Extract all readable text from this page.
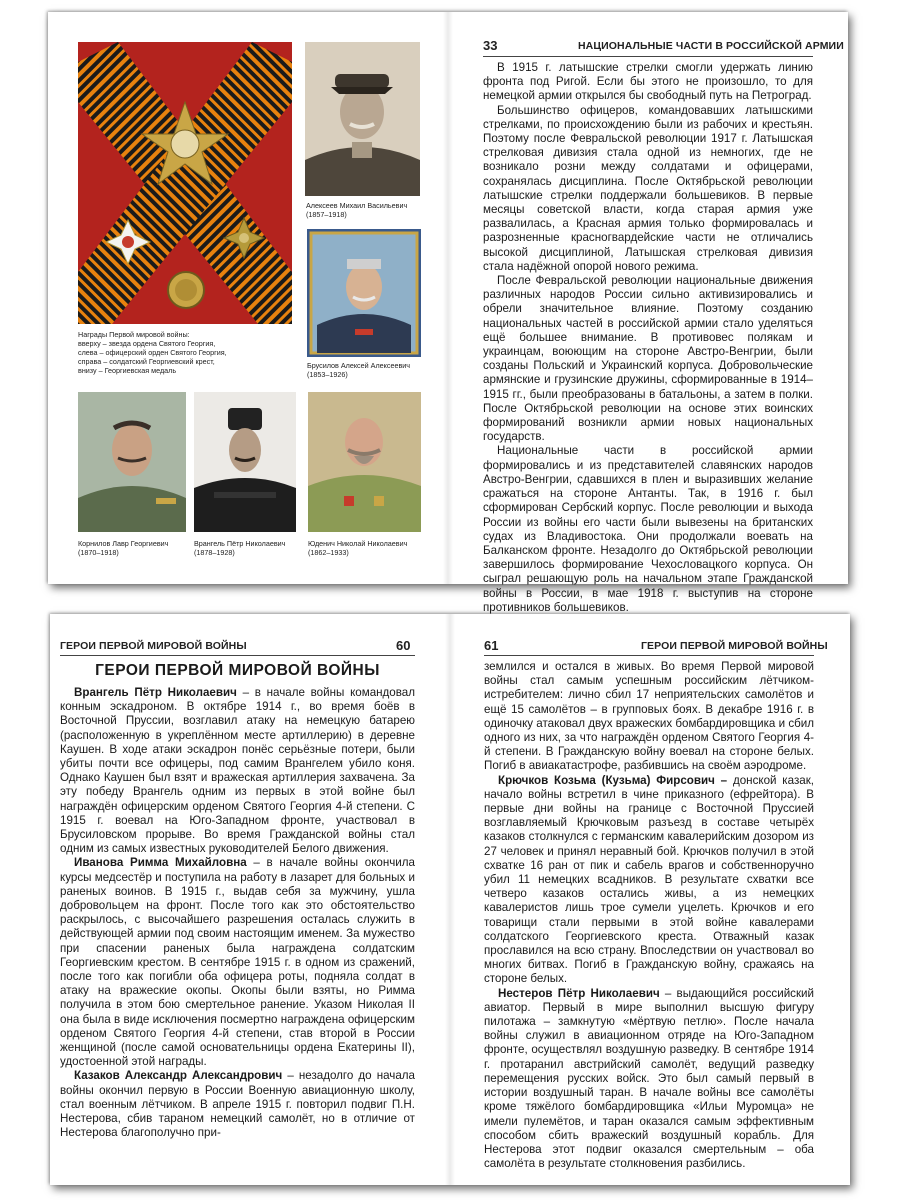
Награды Первой мировой войны:
вверху – звезда ордена Святого Георгия,
слева – офицерский орден Святого Георгия,
справа – солдатский Георгиевский крест,
внизу – Георгиевская медаль
Алексеев Михаил Васильевич
(1857–1918)
Брусилов Алексей Алексеевич
(1853–1926)
Корнилов Лавр Георгиевич
(1870–1918)
Врангель Пётр Николаевич
(1878–1928)
Юденич Николай Николаевич
(1862–1933)
33	НАЦИОНАЛЬНЫЕ ЧАСТИ В РОССИЙСКОЙ АРМИИ

В 1915 г. латышские стрелки смогли удержать линию фронта под Ригой. Если бы этого не произошло, то для немецкой армии открылся бы свободный путь на Петроград.

Большинство офицеров, командовавших латышскими стрелками, по происхождению были из рабочих и крестьян. Поэтому после Февральской революции 1917 г. Латышская стрелковая дивизия стала одной из немногих, где не возникало розни между солдатами и офицерами, сохранялась дисциплина. После Октябрьской революции латышские стрелки поддержали большевиков. В первые месяцы советской власти, когда старая армия уже развалилась, а Красная армия только формировалась и разрозненные красногвардейские части не отличались высокой дисциплиной, Латышская стрелковая дивизия стала надёжной опорой нового режима.

После Февральской революции национальные движения различных народов России сильно активизировались и обрели значительное влияние. Поэтому созданию национальных частей в российской армии стало уделяться ещё большее внимание. В противовес полякам и украинцам, воюющим на стороне Австро-Венгрии, были созданы Польский и Украинский корпуса. Добровольческие армянские и грузинские дружины, сформированные в 1914–1915 гг., были преобразованы в батальоны, а затем в полки. После Октябрьской революции на основе этих воинских формирований возникли армии новых национальных государств.

Национальные части в российской армии формировались и из представителей славянских народов Австро-Венгрии, сдавшихся в плен и выразивших желание сражаться на стороне Антанты. Так, в 1916 г. был сформирован Сербский корпус. После революции и выхода России из войны его части были вывезены на британских судах из Владивостока. Они продолжали воевать на Балканском фронте. Незадолго до Октябрьской революции завершилось формирование Чехословацкого корпуса. Он сыграл решающую роль на начальном этапе Гражданской войны в России, в мае 1918 г. выступив на стороне противников большевиков.

ГЕРОИ ПЕРВОЙ МИРОВОЙ ВОЙНЫ	60
ГЕРОИ ПЕРВОЙ МИРОВОЙ ВОЙНЫ

Врангель Пётр Николаевич – в начале войны командовал конным эскадроном. В октябре 1914 г., во время боёв в Восточной Пруссии, возглавил атаку на немецкую батарею (расположенную в укреплённом месте артиллерию) в деревне Каушен. В ходе атаки эскадрон понёс серьёзные потери, были убиты почти все офицеры, под самим Врангелем убило коня. Однако Каушен был взят и вражеская артиллерия захвачена. За эту победу Врангель одним из первых в этой войне был награждён офицерским орденом Святого Георгия 4-й степени. С 1915 г. воевал на Юго-Западном фронте, участвовал в Брусиловском прорыве. Во время Гражданской войны стал одним из самых известных руководителей Белого движения.

Иванова Римма Михайловна – в начале войны окончила курсы медсестёр и поступила на работу в лазарет для больных и раненых воинов. В 1915 г., выдав себя за мужчину, ушла добровольцем на фронт. После того как это обстоятельство раскрылось, с высочайшего разрешения осталась служить в действующей армии под своим настоящим именем. За мужество при спасении раненых была награждена солдатским Георгиевским крестом. В сентябре 1915 г. в одном из сражений, после того как погибли оба офицера роты, подняла солдат в атаку на вражеские окопы. Окопы были взяты, но Римма получила в этом бою смертельное ранение. Указом Николая II она была в виде исключения посмертно награждена офицерским орденом Святого Георгия 4-й степени, став второй в России женщиной (после самой основательницы ордена Екатерины II), удостоенной этой награды.

Казаков Александр Александрович – незадолго до начала войны окончил первую в России Военную авиационную школу, стал военным лётчиком. В апреле 1915 г. повторил подвиг П.Н. Нестерова, сбив тараном немецкий самолёт, но в отличие от Нестерова благополучно при-

61	ГЕРОИ ПЕРВОЙ МИРОВОЙ ВОЙНЫ

землился и остался в живых. Во время Первой мировой войны стал самым успешным российским лётчиком-истребителем: лично сбил 17 неприятельских самолётов и ещё 15 самолётов – в групповых боях. В декабре 1916 г. в одиночку атаковал двух вражеских бомбардировщика и сбил одного из них, за что награждён орденом Святого Георгия 4-й степени. В Гражданскую войну воевал на стороне белых. Погиб в авиакатастрофе, разбившись на своём аэродроме.

Крючков Козьма (Кузьма) Фирсович – донской казак, начало войны встретил в чине приказного (ефрейтора). В первые дни войны на границе с Восточной Пруссией возглавляемый Крючковым разъезд в составе четырёх казаков столкнулся с германским кавалерийским дозором из 27 человек и принял неравный бой. Крючков получил в этой схватке 16 ран от пик и сабель врагов и собственноручно убил 11 немецких всадников. В результате схватки все четверо казаков остались живы, а из немецких кавалеристов лишь трое сумели уцелеть. Крючков и его товарищи стали первыми в этой войне кавалерами солдатского Георгиевского креста. Отважный казак прославился на всю страну. Впоследствии он участвовал во многих битвах. Погиб в Гражданскую войну, сражаясь на стороне белых.

Нестеров Пётр Николаевич – выдающийся российский авиатор. Первый в мире выполнил высшую фигуру пилотажа – замкнутую «мёртвую петлю». После начала войны служил в авиационном отряде на Юго-Западном фронте, осуществлял воздушную разведку. В сентябре 1914 г. протаранил австрийский самолёт, ведущий разведку перемещения русских войск. Это был самый первый в истории воздушный таран. В начале войны все самолёты кроме тяжёлого бомбардировщика «Ильи Муромца» не имели пулемётов, и таран оказался самым эффективным способом сбить вражеский воздушный корабль. Для Нестерова этот подвиг оказался смертельным – оба самолёта в результате столкновения разбились.
